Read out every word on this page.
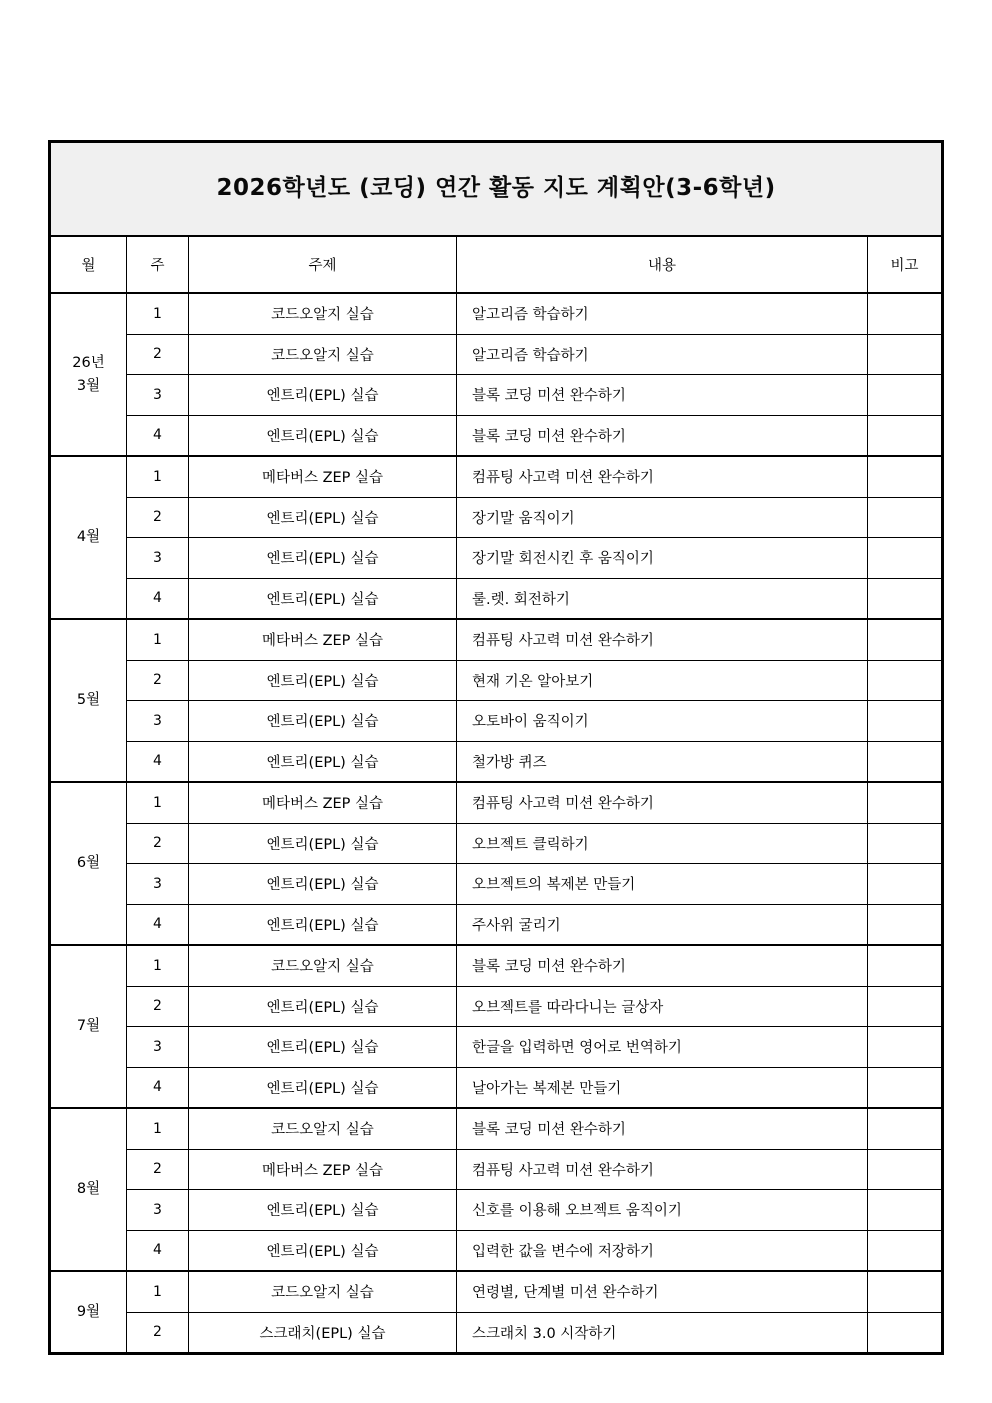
2026학년도 (코딩) 연간 활동 지도 계획안(3-6학년)				
월	주	주제	내용	비고

26년
3월	1	코드오알지 실습	알고리즘 학습하기	
	2	코드오알지 실습	알고리즘 학습하기	
	3	엔트리(EPL) 실습	블록 코딩 미션 완수하기	
	4	엔트리(EPL) 실습	블록 코딩 미션 완수하기	

4월	1	메타버스 ZEP 실습	컴퓨팅 사고력 미션 완수하기	
	2	엔트리(EPL) 실습	장기말 움직이기	
	3	엔트리(EPL) 실습	장기말 회전시킨 후 움직이기	
	4	엔트리(EPL) 실습	룰.렛. 회전하기	

5월	1	메타버스 ZEP 실습	컴퓨팅 사고력 미션 완수하기	
	2	엔트리(EPL) 실습	현재 기온 알아보기	
	3	엔트리(EPL) 실습	오토바이 움직이기	
	4	엔트리(EPL) 실습	철가방 퀴즈	

6월	1	메타버스 ZEP 실습	컴퓨팅 사고력 미션 완수하기	
	2	엔트리(EPL) 실습	오브젝트 클릭하기	
	3	엔트리(EPL) 실습	오브젝트의 복제본 만들기	
	4	엔트리(EPL) 실습	주사위 굴리기	

7월	1	코드오알지 실습	블록 코딩 미션 완수하기	
	2	엔트리(EPL) 실습	오브젝트를 따라다니는 글상자	
	3	엔트리(EPL) 실습	한글을 입력하면 영어로 번역하기	
	4	엔트리(EPL) 실습	날아가는 복제본 만들기	

8월	1	코드오알지 실습	블록 코딩 미션 완수하기	
	2	메타버스 ZEP 실습	컴퓨팅 사고력 미션 완수하기	
	3	엔트리(EPL) 실습	신호를 이용해 오브젝트 움직이기	
	4	엔트리(EPL) 실습	입력한 값을 변수에 저장하기	

9월	1	코드오알지 실습	연령별, 단계별 미션 완수하기	
	2	스크래치(EPL) 실습	스크래치 3.0 시작하기	
